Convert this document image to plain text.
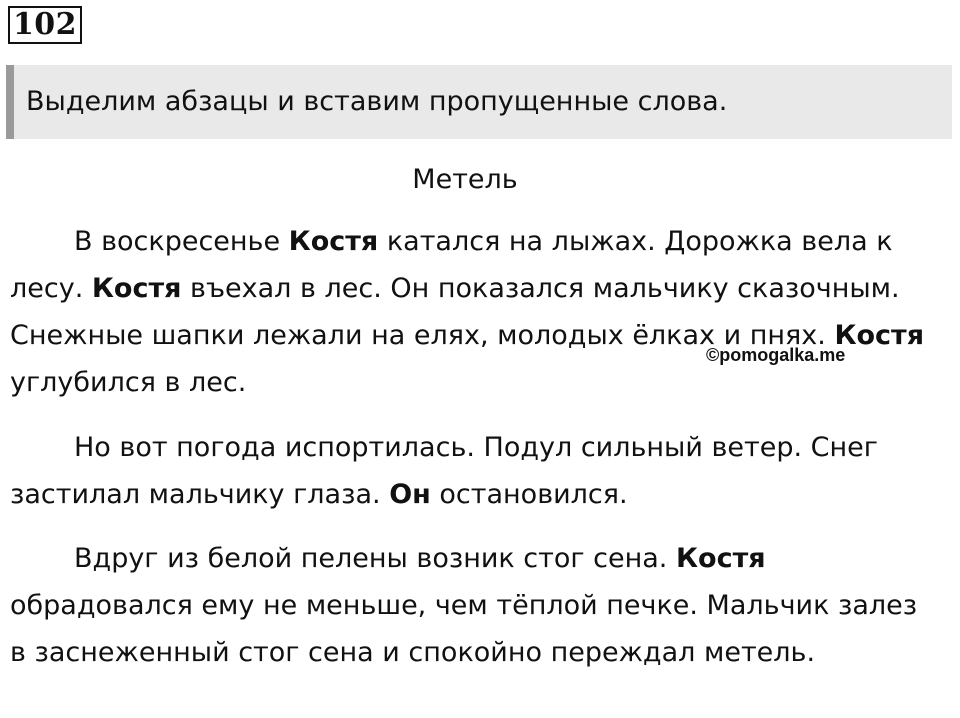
102
Выделим абзацы и вставим пропущенные слова.
Метель

В воскресенье Костя катался на лыжах. Дорожка вела к лесу. Костя въехал в лес. Он показался мальчику сказочным. Снежные шапки лежали на елях, молодых ёлках и пнях. Костя углубился в лес.

©pomogalka.me

Но вот погода испортилась. Подул сильный ветер. Снег застилал мальчику глаза. Он остановился.

Вдруг из белой пелены возник стог сена. Костя обрадовался ему не меньше, чем тёплой печке. Мальчик залез в заснеженный стог сена и спокойно переждал метель.
